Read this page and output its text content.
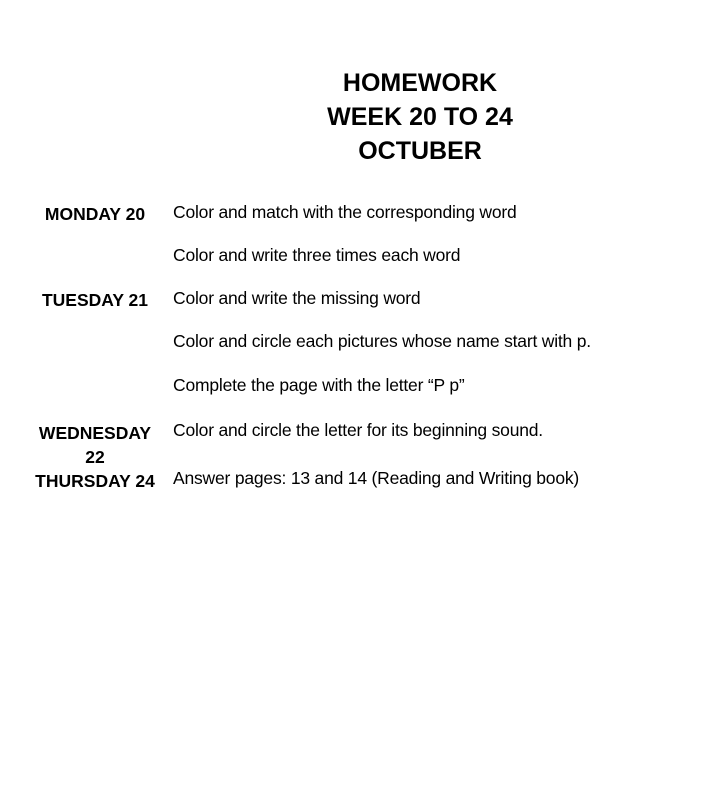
HOMEWORK
WEEK 20 TO 24
OCTUBER
MONDAY 20
TUESDAY 21
WEDNESDAY
22
THURSDAY 24
Color and match with the corresponding word
Color and write three times each word
Color and write the missing word
Color and circle each pictures whose name start with p.
Complete the page with the letter “P p”
Color and circle the letter for its beginning sound.
Answer pages: 13 and 14 (Reading and Writing book)
